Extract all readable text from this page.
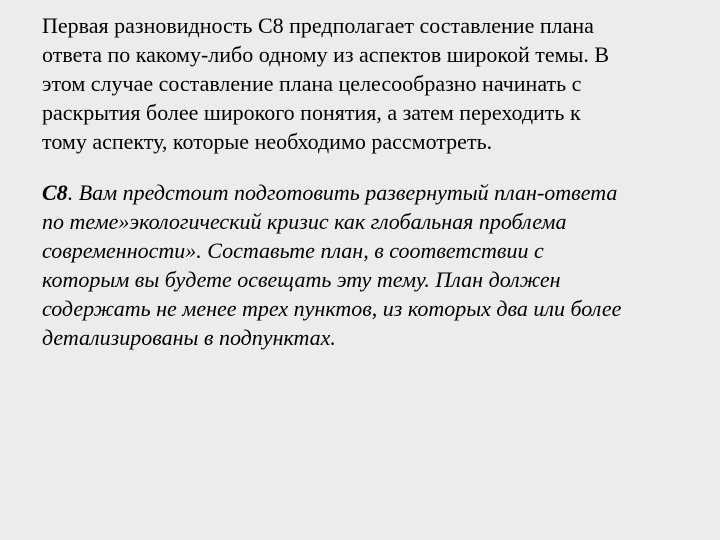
Первая разновидность С8 предполагает составление плана
ответа по какому-либо одному из аспектов широкой темы. В
этом случае составление плана целесообразно начинать с
раскрытия более широкого понятия, а затем переходить к
тому аспекту, которые необходимо рассмотреть.

С8. Вам предстоит подготовить развернутый план-ответа
по теме»экологический кризис как глобальная проблема
современности». Составьте план, в соответствии с
которым вы будете освещать эту тему. План должен
содержать не менее трех пунктов, из которых два или более
детализированы в подпунктах.
